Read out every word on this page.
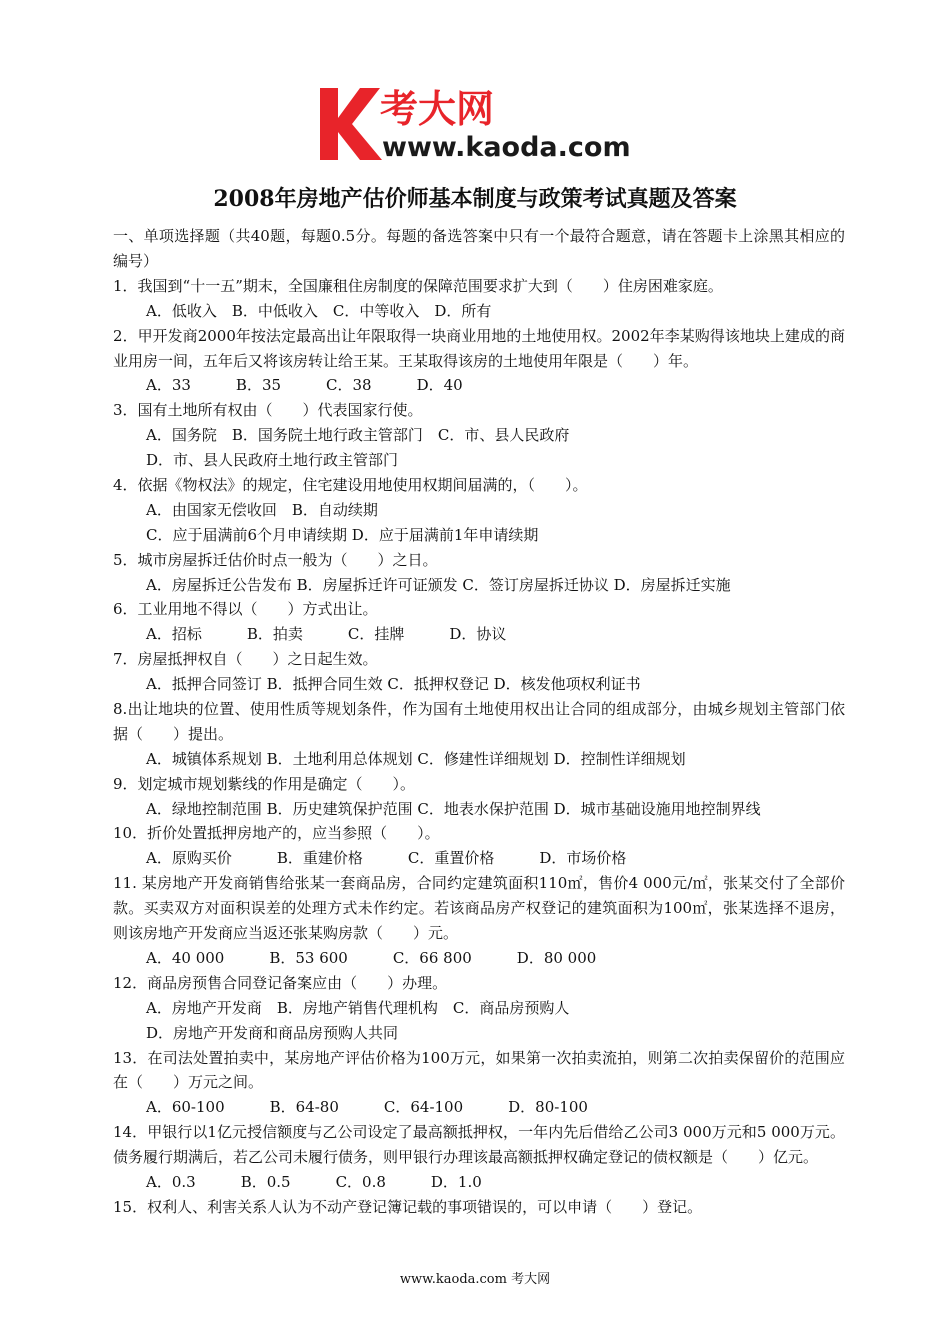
考大网
www.kaoda.com
2008年房地产估价师基本制度与政策考试真题及答案
一、单项选择题（共40题，每题0.5分。每题的备选答案中只有一个最符合题意，请在答题卡上涂黑其相应的编号）
1．我国到“十一五”期末，全国廉租住房制度的保障范围要求扩大到（　　）住房困难家庭。
A．低收入　B．中低收入　C．中等收入　D．所有
2．甲开发商2000年按法定最高出让年限取得一块商业用地的土地使用权。2002年李某购得该地块上建成的商业用房一间，五年后又将该房转让给王某。王某取得该房的土地使用年限是（　　）年。
A．33　　　B．35　　　C．38　　　D．40
3．国有土地所有权由（　　）代表国家行使。
A．国务院　B．国务院土地行政主管部门　C．市、县人民政府
D．市、县人民政府土地行政主管部门
4．依据《物权法》的规定，住宅建设用地使用权期间届满的，（　　）。
A．由国家无偿收回　B．自动续期
C．应于届满前6个月申请续期 D．应于届满前1年申请续期
5．城市房屋拆迁估价时点一般为（　　）之日。
A．房屋拆迁公告发布 B．房屋拆迁许可证颁发 C．签订房屋拆迁协议 D．房屋拆迁实施
6．工业用地不得以（　　）方式出让。
A．招标　　　B．拍卖　　　C．挂牌　　　D．协议
7．房屋抵押权自（　　）之日起生效。
A．抵押合同签订 B．抵押合同生效 C．抵押权登记 D．核发他项权利证书
8.出让地块的位置、使用性质等规划条件，作为国有土地使用权出让合同的组成部分，由城乡规划主管部门依据（　　）提出。
A．城镇体系规划 B．土地利用总体规划 C．修建性详细规划 D．控制性详细规划
9．划定城市规划紫线的作用是确定（　　）。
A．绿地控制范围 B．历史建筑保护范围 C．地表水保护范围 D．城市基础设施用地控制界线
10．折价处置抵押房地产的，应当参照（　　）。
A．原购买价　　　B．重建价格　　　C．重置价格　　　D．市场价格
11. 某房地产开发商销售给张某一套商品房，合同约定建筑面积110㎡，售价4 000元/㎡，张某交付了全部价款。买卖双方对面积误差的处理方式未作约定。若该商品房产权登记的建筑面积为100㎡，张某选择不退房，则该房地产开发商应当返还张某购房款（　　）元。
A．40 000　　　B．53 600　　　C．66 800　　　D．80 000
12．商品房预售合同登记备案应由（　　）办理。
A．房地产开发商　B．房地产销售代理机构　C．商品房预购人
D．房地产开发商和商品房预购人共同
13．在司法处置拍卖中，某房地产评估价格为100万元，如果第一次拍卖流拍，则第二次拍卖保留价的范围应在（　　）万元之间。
A．60-100　　　B．64-80　　　C．64-100　　　D．80-100
14．甲银行以1亿元授信额度与乙公司设定了最高额抵押权，一年内先后借给乙公司3 000万元和5 000万元。债务履行期满后，若乙公司未履行债务，则甲银行办理该最高额抵押权确定登记的债权额是（　　）亿元。
A．0.3　　　B．0.5　　　C．0.8　　　D．1.0
15．权利人、利害关系人认为不动产登记簿记载的事项错误的，可以申请（　　）登记。
www.kaoda.com 考大网
